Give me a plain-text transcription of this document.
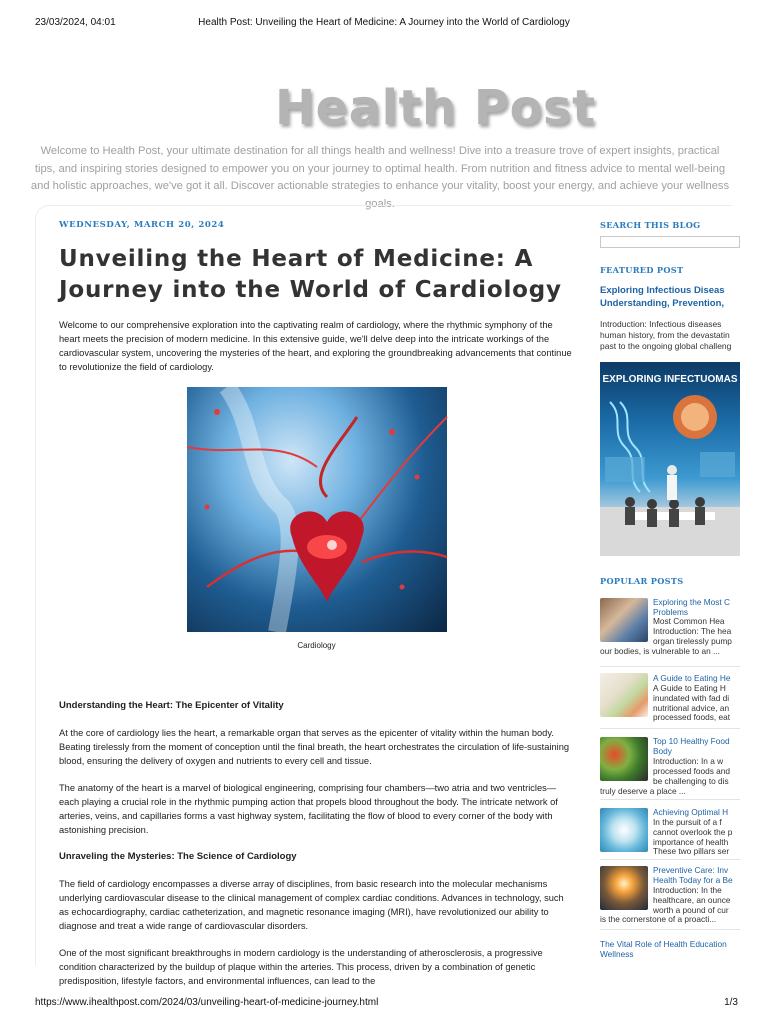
23/03/2024, 04:01	Health Post: Unveiling the Heart of Medicine: A Journey into the World of Cardiology
Health Post
Welcome to Health Post, your ultimate destination for all things health and wellness! Dive into a treasure trove of expert insights, practical tips, and inspiring stories designed to empower you on your journey to optimal health. From nutrition and fitness advice to mental well-being and holistic approaches, we've got it all. Discover actionable strategies to enhance your vitality, boost your energy, and achieve your wellness goals.
WEDNESDAY, MARCH 20, 2024
Unveiling the Heart of Medicine: A Journey into the World of Cardiology

Welcome to our comprehensive exploration into the captivating realm of cardiology, where the rhythmic symphony of the heart meets the precision of modern medicine. In this extensive guide, we'll delve deep into the intricate workings of the cardiovascular system, uncovering the mysteries of the heart, and exploring the groundbreaking advancements that continue to revolutionize the field of cardiology.

Cardiology
Understanding the Heart: The Epicenter of Vitality

At the core of cardiology lies the heart, a remarkable organ that serves as the epicenter of vitality within the human body. Beating tirelessly from the moment of conception until the final breath, the heart orchestrates the circulation of life-sustaining blood, ensuring the delivery of oxygen and nutrients to every cell and tissue.

The anatomy of the heart is a marvel of biological engineering, comprising four chambers—two atria and two ventricles—each playing a crucial role in the rhythmic pumping action that propels blood throughout the body. The intricate network of arteries, veins, and capillaries forms a vast highway system, facilitating the flow of blood to every corner of the body with astonishing precision.

Unraveling the Mysteries: The Science of Cardiology

The field of cardiology encompasses a diverse array of disciplines, from basic research into the molecular mechanisms underlying cardiovascular disease to the clinical management of complex cardiac conditions. Advances in technology, such as echocardiography, cardiac catheterization, and magnetic resonance imaging (MRI), have revolutionized our ability to diagnose and treat a wide range of cardiovascular disorders.

One of the most significant breakthroughs in modern cardiology is the understanding of atherosclerosis, a progressive condition characterized by the buildup of plaque within the arteries. This process, driven by a combination of genetic predisposition, lifestyle factors, and environmental influences, can lead to the

SEARCH THIS BLOG
FEATURED POST
Exploring Infectious Diseas
Understanding, Prevention,
Introduction: Infectious diseases
human history, from the devastatin
past to the ongoing global challeng
EXPLORING INFECTUOMAS
POPULAR POSTS
Exploring the Most C
Problems
Most Common Hea
Introduction: The hea
organ tirelessly pump
our bodies, is vulnerable to an ...
A Guide to Eating He
A Guide to Eating H
inundated with fad di
nutritional advice, an
processed foods, eat
Top 10 Healthy Food
Body
Introduction: In a w
processed foods and
be challenging to dis
truly deserve a place ...
Achieving Optimal H
In the pursuit of a f
cannot overlook the p
importance of health
These two pillars ser
Preventive Care: Inv
Health Today for a Be
Introduction: In the
healthcare, an ounce
worth a pound of cur
is the cornerstone of a proacti...
The Vital Role of Health Education
Wellness
https://www.ihealthpost.com/2024/03/unveiling-heart-of-medicine-journey.html	1/3
